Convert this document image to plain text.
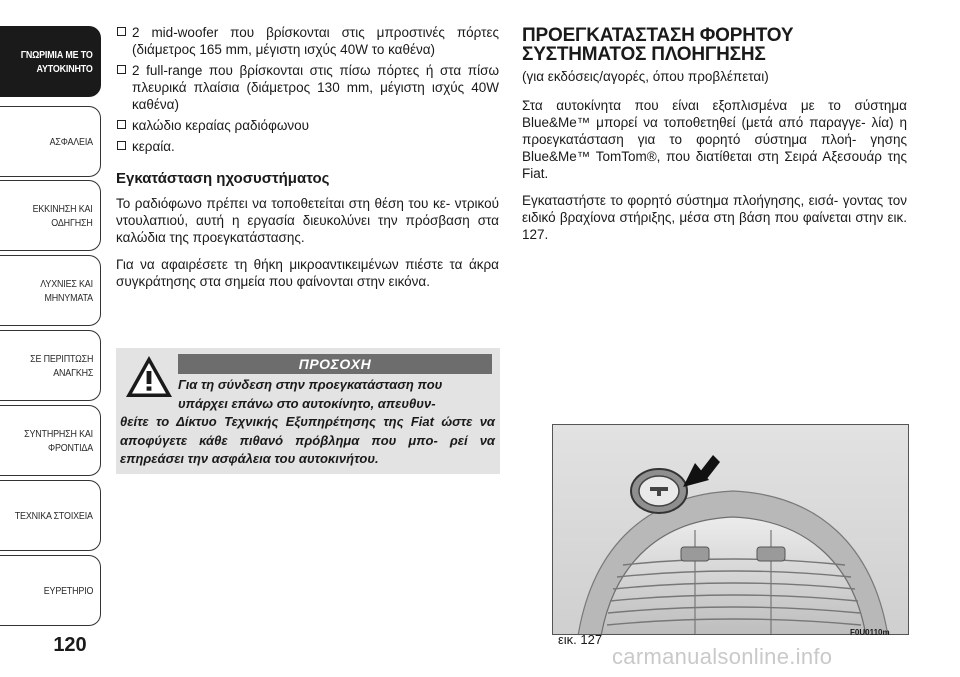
ΓΝΩΡΙΜΙΑ ΜΕ ΤΟ
ΑΥΤΟΚΙΝΗΤΟ
ΑΣΦΑΛΕΙΑ
ΕΚΚΙΝΗΣΗ ΚΑΙ
ΟΔΗΓΗΣΗ
ΛΥΧΝΙΕΣ ΚΑΙ
ΜΗΝΥΜΑΤΑ
ΣΕ ΠΕΡΙΠΤΩΣΗ
ΑΝΑΓΚΗΣ
ΣΥΝΤΗΡΗΣΗ ΚΑΙ
ΦΡΟΝΤΙΔΑ
ΤΕΧΝΙΚΑ ΣΤΟΙΧΕΙΑ
ΕΥΡΕΤΗΡΙΟ
120
2 mid-woofer που βρίσκονται στις μπροστινές πόρτες (διάμετρος 165 mm, μέγιστη ισχύς 40W το καθένα)
2 full-range που βρίσκονται στις πίσω πόρτες ή στα πίσω πλευρικά πλαίσια (διάμετρος 130 mm, μέγιστη ισχύς 40W καθένα)
καλώδιο κεραίας ραδιόφωνου
κεραία.
Εγκατάσταση ηχοσυστήματος

Το ραδιόφωνο πρέπει να τοποθετείται στη θέση του κε- ντρικού ντουλαπιού, αυτή η εργασία διευκολύνει την πρόσβαση στα καλώδια της προεγκατάστασης.

Για να αφαιρέσετε τη θήκη μικροαντικειμένων πιέστε τα άκρα συγκράτησης στα σημεία που φαίνονται στην εικόνα.

ΠΡΟΣΟΧΗ
Για τη σύνδεση στην προεγκατάσταση που
υπάρχει επάνω στο αυτοκίνητο, απευθυν-
θείτε το Δίκτυο Τεχνικής Εξυπηρέτησης της Fiat ώστε να αποφύγετε κάθε πιθανό πρόβλημα που μπο- ρεί να επηρεάσει την ασφάλεια του αυτοκινήτου.
ΠΡΟΕΓΚΑΤΑΣΤΑΣΗ ΦΟΡΗΤΟΥ
ΣΥΣΤΗΜΑΤΟΣ ΠΛΟΗΓΗΣΗΣ
(για εκδόσεις/αγορές, όπου προβλέπεται)

Στα αυτοκίνητα που είναι εξοπλισμένα με το σύστημα Blue&Me™ μπορεί να τοποθετηθεί (μετά από παραγγε- λία) η προεγκατάσταση για το φορητό σύστημα πλοή- γησης Blue&Me™ TomTom®, που διατίθεται στη Σειρά Αξεσουάρ της Fiat.

Εγκαταστήστε το φορητό σύστημα πλοήγησης, εισά- γοντας τον ειδικό βραχίονα στήριξης, μέσα στη βάση που φαίνεται στην εικ. 127.

F0U0110m
εικ. 127
carmanualsonline.info
